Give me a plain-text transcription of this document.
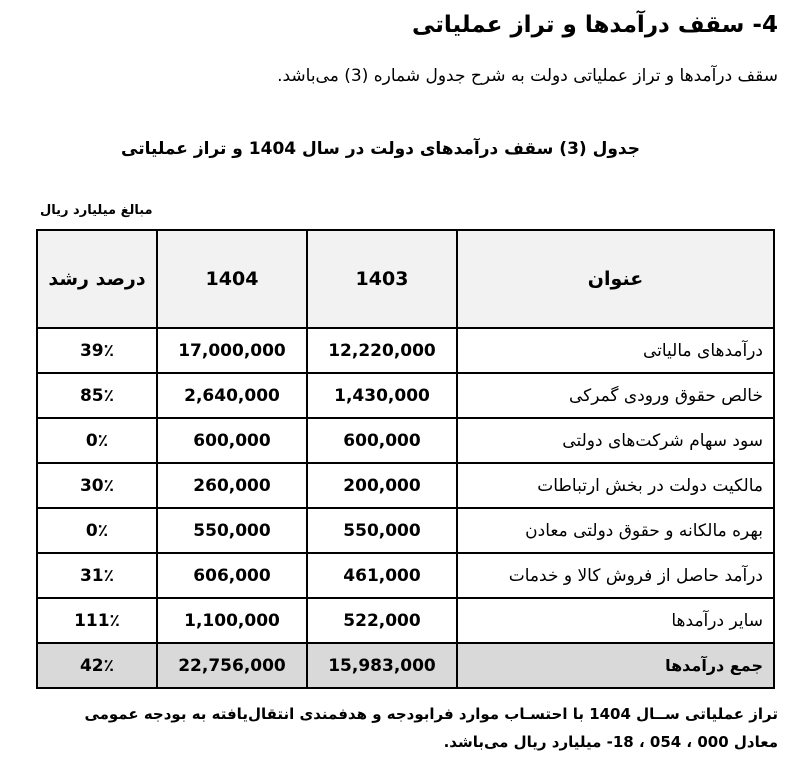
4- سقف درآمدها و تراز عملیاتی
سقف درآمدها و تراز عملیاتی دولت به شرح جدول شماره (3) می‌باشد.
جدول (3) سقف درآمدهای دولت در سال 1404 و تراز عملیاتی
مبالغ میلیارد ریال
عنوان	1403	1404	درصد رشد
درآمدهای مالیاتی	12,220,000	17,000,000	39٪
خالص حقوق ورودی گمرکی	1,430,000	2,640,000	85٪
سود سهام شرکت‌های دولتی	600,000	600,000	0٪
مالکیت دولت در بخش ارتباطات	200,000	260,000	30٪
بهره مالکانه و حقوق دولتی معادن	550,000	550,000	0٪
درآمد حاصل از فروش کالا و خدمات	461,000	606,000	31٪
سایر درآمدها	522,000	1,100,000	111٪
جمع درآمدها	15,983,000	22,756,000	42٪

تراز عملیاتی ســال 1404 با احتسـاب موارد فرابودجه و هدفمندی انتقال‌یافته به بودجه عمومی

معادل 000 ، 054 ، 18- میلیارد ریال می‌باشد.
